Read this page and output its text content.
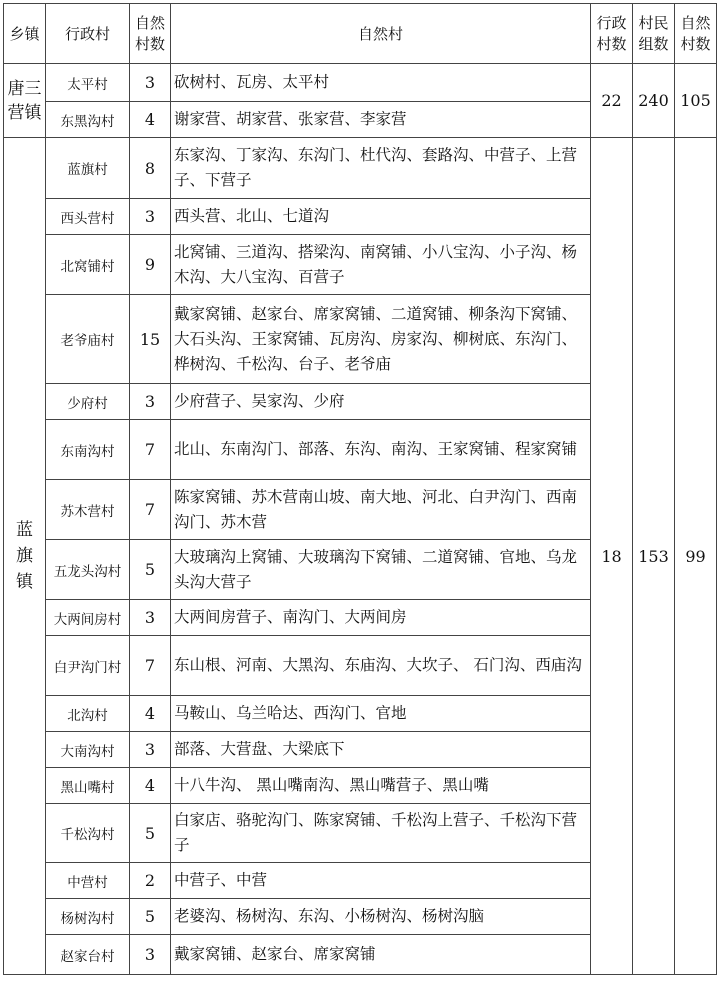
乡镇	行政村	自然村数	自然村	行政村数	村民组数	自然村数
唐三营镇	太平村	3	砍树村、瓦房、太平村	22	240	105
	东黑沟村	4	谢家营、胡家营、张家营、李家营			
蓝旗镇	蓝旗村	8	东家沟、丁家沟、东沟门、杜代沟、套路沟、中营子、上营子、下营子	18	153	99
	西头营村	3	西头营、北山、七道沟			
	北窝铺村	9	北窝铺、三道沟、搭梁沟、南窝铺、小八宝沟、小子沟、杨木沟、大八宝沟、百营子			
	老爷庙村	15	戴家窝铺、赵家台、席家窝铺、二道窝铺、柳条沟下窝铺、大石头沟、王家窝铺、瓦房沟、房家沟、柳树底、东沟门、桦树沟、千松沟、台子、老爷庙			
	少府村	3	少府营子、吴家沟、少府			
	东南沟村	7	北山、东南沟门、部落、东沟、南沟、王家窝铺、程家窝铺			
	苏木营村	7	陈家窝铺、苏木营南山坡、南大地、河北、白尹沟门、西南沟门、苏木营			
	五龙头沟村	5	大玻璃沟上窝铺、大玻璃沟下窝铺、二道窝铺、官地、乌龙头沟大营子			
	大两间房村	3	大两间房营子、南沟门、大两间房			
	白尹沟门村	7	东山根、河南、大黑沟、东庙沟、大坎子、 石门沟、西庙沟			
	北沟村	4	马鞍山、乌兰哈达、西沟门、官地			
	大南沟村	3	部落、大营盘、大梁底下			
	黑山嘴村	4	十八牛沟、 黑山嘴南沟、黑山嘴营子、黑山嘴			
	千松沟村	5	白家店、骆驼沟门、陈家窝铺、千松沟上营子、千松沟下营子			
	中营村	2	中营子、中营			
	杨树沟村	5	老婆沟、杨树沟、东沟、小杨树沟、杨树沟脑			
	赵家台村	3	戴家窝铺、赵家台、席家窝铺			
